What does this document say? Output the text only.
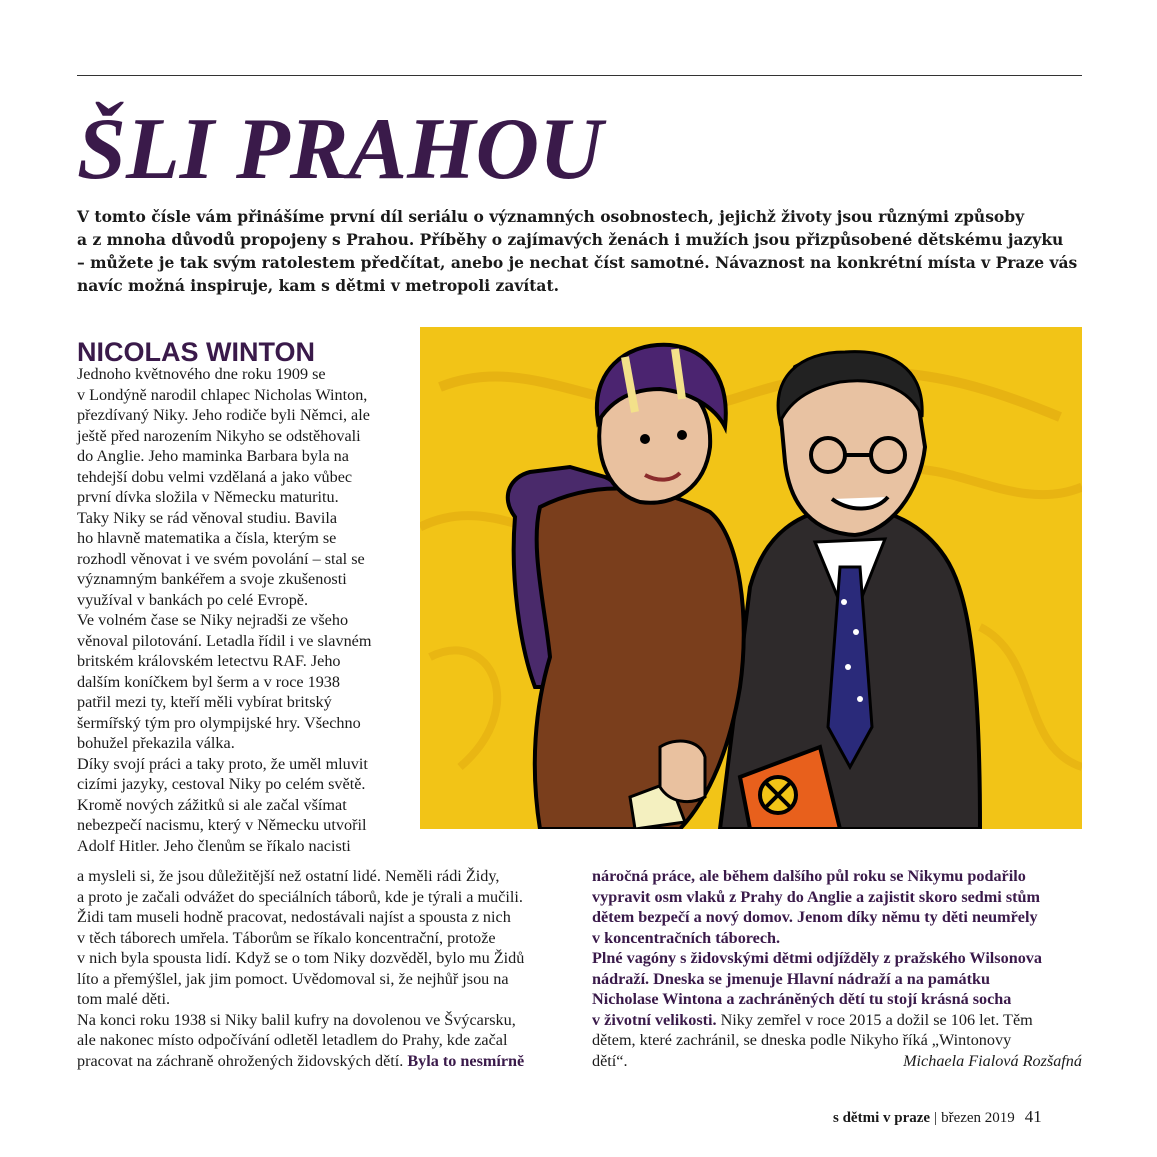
ŠLI PRAHOU

V tomto čísle vám přinášíme první díl seriálu o významných osobnostech, jejichž životy jsou různými způsoby
a z mnoha důvodů propojeny s Prahou. Příběhy o zajímavých ženách i mužích jsou přizpůsobené dětskému jazyku
– můžete je tak svým ratolestem předčítat, anebo je nechat číst samotné. Návaznost na konkrétní místa v Praze vás
navíc možná inspiruje, kam s dětmi v metropoli zavítat.

NICOLAS WINTON
Jednoho květnového dne roku 1909 se
v Londýně narodil chlapec Nicholas Winton,
přezdívaný Niky. Jeho rodiče byli Němci, ale
ještě před narozením Nikyho se odstěhovali
do Anglie. Jeho maminka Barbara byla na
tehdejší dobu velmi vzdělaná a jako vůbec
první dívka složila v Německu maturitu.
Taky Niky se rád věnoval studiu. Bavila
ho hlavně matematika a čísla, kterým se
rozhodl věnovat i ve svém povolání – stal se
významným bankéřem a svoje zkušenosti
využíval v bankách po celé Evropě.
Ve volném čase se Niky nejradši ze všeho
věnoval pilotování. Letadla řídil i ve slavném
britském královském letectvu RAF. Jeho
dalším koníčkem byl šerm a v roce 1938
patřil mezi ty, kteří měli vybírat britský
šermířský tým pro olympijské hry. Všechno
bohužel překazila válka.
Díky svojí práci a taky proto, že uměl mluvit
cizími jazyky, cestoval Niky po celém světě.
Kromě nových zážitků si ale začal všímat
nebezpečí nacismu, který v Německu utvořil
Adolf Hitler. Jeho členům se říkalo nacisti
a mysleli si, že jsou důležitější než ostatní lidé. Neměli rádi Židy,
a proto je začali odvážet do speciálních táborů, kde je týrali a mučili.
Židi tam museli hodně pracovat, nedostávali najíst a spousta z nich
v těch táborech umřela. Táborům se říkalo koncentrační, protože
v nich byla spousta lidí. Když se o tom Niky dozvěděl, bylo mu Židů
líto a přemýšlel, jak jim pomoct. Uvědomoval si, že nejhůř jsou na
tom malé děti.
Na konci roku 1938 si Niky balil kufry na dovolenou ve Švýcarsku,
ale nakonec místo odpočívání odletěl letadlem do Prahy, kde začal
pracovat na záchraně ohrožených židovských dětí. Byla to nesmírně
náročná práce, ale během dalšího půl roku se Nikymu podařilo
vypravit osm vlaků z Prahy do Anglie a zajistit skoro sedmi stům
dětem bezpečí a nový domov. Jenom díky němu ty děti neumřely
v koncentračních táborech.
Plné vagóny s židovskými dětmi odjížděly z pražského Wilsonova
nádraží. Dneska se jmenuje Hlavní nádraží a na památku
Nicholase Wintona a zachráněných dětí tu stojí krásná socha
v životní velikosti. Niky zemřel v roce 2015 a dožil se 106 let. Těm
dětem, které zachránil, se dneska podle Nikyho říká „Wintonovy
dětí“.	Michaela Fialová Rozšafná
s dětmi v praze | březen 2019 41
